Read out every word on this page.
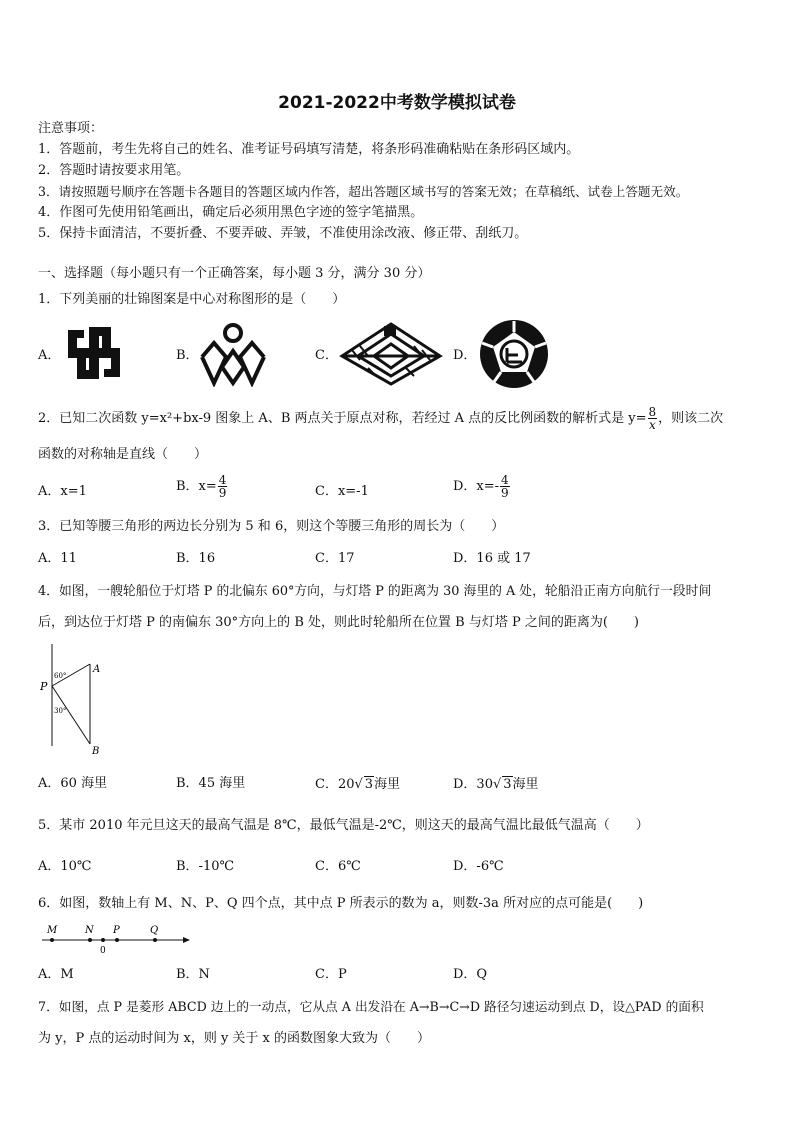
2021-2022中考数学模拟试卷
注意事项：
1．答题前，考生先将自己的姓名、准考证号码填写清楚，将条形码准确粘贴在条形码区域内。
2．答题时请按要求用笔。
3．请按照题号顺序在答题卡各题目的答题区域内作答，超出答题区域书写的答案无效；在草稿纸、试卷上答题无效。
4．作图可先使用铅笔画出，确定后必须用黑色字迹的签字笔描黑。
5．保持卡面清洁，不要折叠、不要弄破、弄皱，不准使用涂改液、修正带、刮纸刀。
一、选择题（每小题只有一个正确答案，每小题 3 分，满分 30 分）
1．下列美丽的壮锦图案是中心对称图形的是（　　）
A．	B．	C．	D．
2．已知二次函数 y=x²+bx-9 图象上 A、B 两点关于原点对称，若经过 A 点的反比例函数的解析式是 $y= \frac{8}{x}$ ，则该二次
函数的对称轴是直线（　　）
A．x=1	B．$x= \frac{4}{9}$	C．x=-1	D．$x=- \frac{4}{9}$
3．已知等腰三角形的两边长分别为 5 和 6，则这个等腰三角形的周长为（　　）
A．11	B．16	C．17	D．16 或 17
4．如图，一艘轮船位于灯塔 P 的北偏东 60°方向，与灯塔 P 的距离为 30 海里的 A 处，轮船沿正南方向航行一段时间
后，到达位于灯塔 P 的南偏东 30°方向上的 B 处，则此时轮船所在位置 B 与灯塔 P 之间的距离为(　　)
P
A
B
60°
30°
A．60 海里	B．45 海里	C．20√ 3海里	D．30√ 3海里
5．某市 2010 年元旦这天的最高气温是 8℃，最低气温是-2℃，则这天的最高气温比最低气温高（　　）
A．10℃	B．-10℃	C．6℃	D．-6℃
6．如图，数轴上有 M、N、P、Q 四个点，其中点 P 所表示的数为 a，则数-3a 所对应的点可能是(　　)
M	N
0
P	Q
A．M	B．N	C．P	D．Q
7．如图，点 P 是菱形 ABCD 边上的一动点，它从点 A 出发沿在 A→B→C→D 路径匀速运动到点 D，设△PAD 的面积
为 y，P 点的运动时间为 x，则 y 关于 x 的函数图象大致为（　　）
